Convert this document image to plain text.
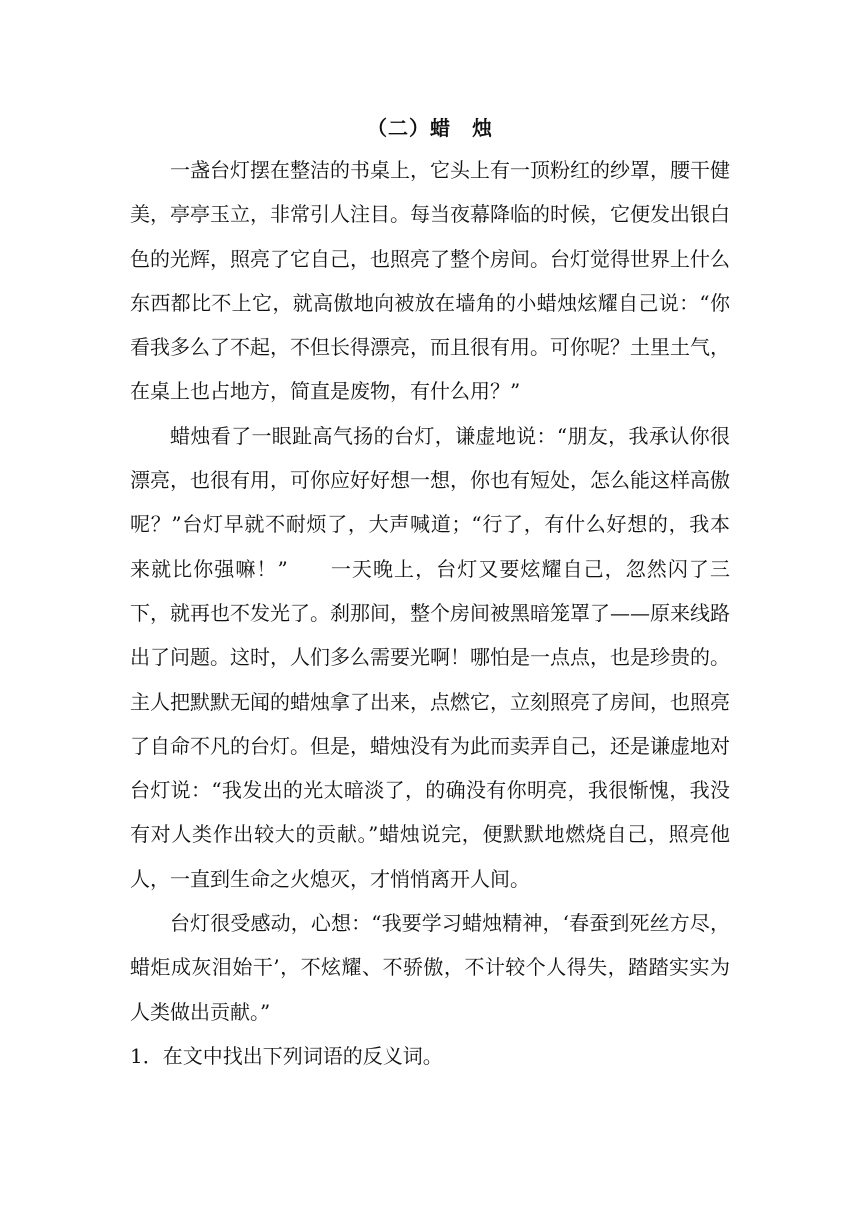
（二）蜡　烛

一盏台灯摆在整洁的书桌上，它头上有一顶粉红的纱罩，腰干健美，亭亭玉立，非常引人注目。每当夜幕降临的时候，它便发出银白色的光辉，照亮了它自己，也照亮了整个房间。台灯觉得世界上什么东西都比不上它，就高傲地向被放在墙角的小蜡烛炫耀自己说：“你看我多么了不起，不但长得漂亮，而且很有用。可你呢？土里土气，在桌上也占地方，简直是废物，有什么用？”

蜡烛看了一眼趾高气扬的台灯，谦虚地说：“朋友，我承认你很漂亮，也很有用，可你应好好想一想，你也有短处，怎么能这样高傲呢？”台灯早就不耐烦了，大声喊道；“行了，有什么好想的，我本来就比你强嘛！”　　一天晚上，台灯又要炫耀自己，忽然闪了三下，就再也不发光了。刹那间，整个房间被黑暗笼罩了——原来线路出了问题。这时，人们多么需要光啊！哪怕是一点点，也是珍贵的。主人把默默无闻的蜡烛拿了出来，点燃它，立刻照亮了房间，也照亮了自命不凡的台灯。但是，蜡烛没有为此而卖弄自己，还是谦虚地对台灯说：“我发出的光太暗淡了，的确没有你明亮，我很惭愧，我没有对人类作出较大的贡献。”蜡烛说完，便默默地燃烧自己，照亮他人，一直到生命之火熄灭，才悄悄离开人间。

台灯很受感动，心想：“我要学习蜡烛精神，‘春蚕到死丝方尽，蜡炬成灰泪始干’，不炫耀、不骄傲，不计较个人得失，踏踏实实为人类做出贡献。”

1．在文中找出下列词语的反义词。
